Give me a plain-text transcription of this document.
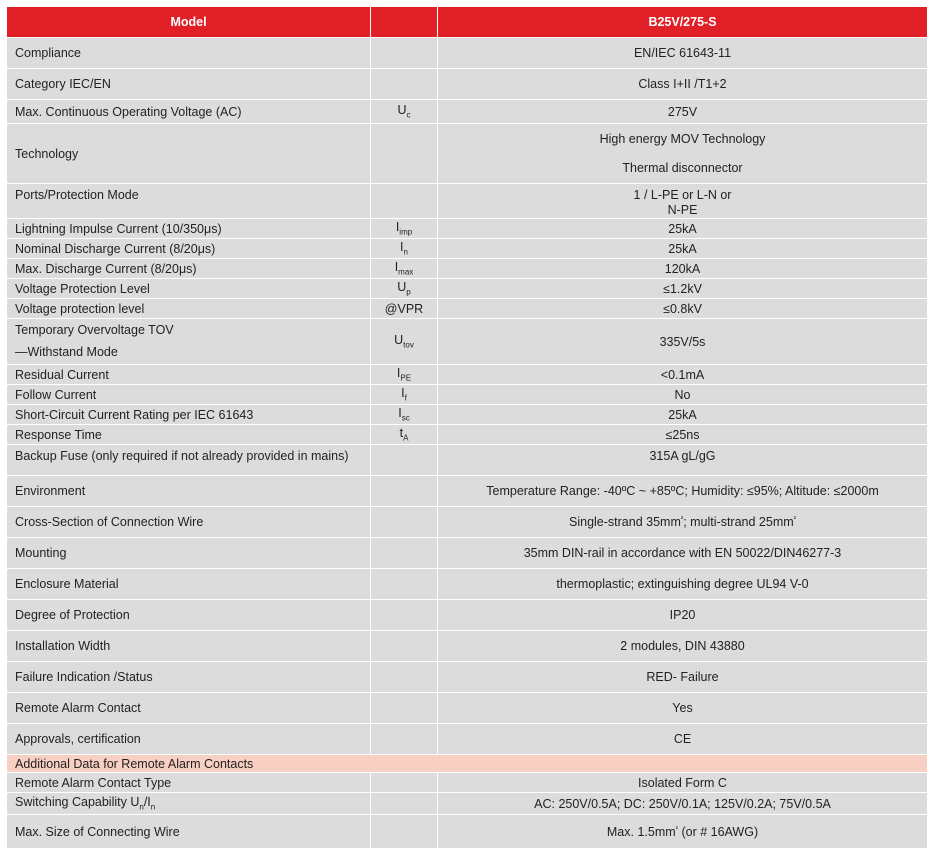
Model		B25V/275-S
Compliance		EN/IEC 61643-11
Category IEC/EN		Class I+II /T1+2
Max. Continuous Operating Voltage (AC)	$U_c$	275V
Technology		High energy MOV Technology
Thermal disconnector

Ports/Protection Mode		1 / L-PE or L-N or
N-PE

Lightning Impulse Current (10/350μs)	$I_{imp}$	25kA
Nominal Discharge Current (8/20μs)	$I_n$	25kA
Max. Discharge Current (8/20μs)	$I_{max}$	120kA
Voltage Protection Level	$U_p$	≤1.2kV
Voltage protection level	@VPR	≤0.8kV

Temporary Overvoltage TOV
—Withstand Mode	$U_{tov}$	335V/5s
Residual Current	$I_{PE}$	<0.1mA
Follow Current	$I_f$	No
Short-Circuit Current Rating per IEC 61643	$I_{sc}$	25kA
Response Time	$t_A$	≤25ns
Backup Fuse (only required if not already provided in mains)		315A gL/gG
Environment		Temperature Range: -40ºC ~ +85ºC; Humidity: ≤95%; Altitude: ≤2000m
Cross-Section of Connection Wire		Single-strand $35mm^{^2}$; multi-strand $25mm^{^2}$
Mounting		35mm DIN-rail in accordance with EN 50022/DIN46277-3
Enclosure Material		thermoplastic; extinguishing degree UL94 V-0
Degree of Protection		IP20
Installation Width		2 modules, DIN 43880
Failure Indication /Status		RED- Failure
Remote Alarm Contact		Yes
Approvals, certification		CE
Additional Data for Remote Alarm Contacts		
Remote Alarm Contact Type		Isolated Form C
Switching Capability $U_n/I_n$		AC: 250V/0.5A; DC: 250V/0.1A; 125V/0.2A; 75V/0.5A
Max. Size of Connecting Wire		Max. $1.5mm^{^2}$ (or # 16AWG)
